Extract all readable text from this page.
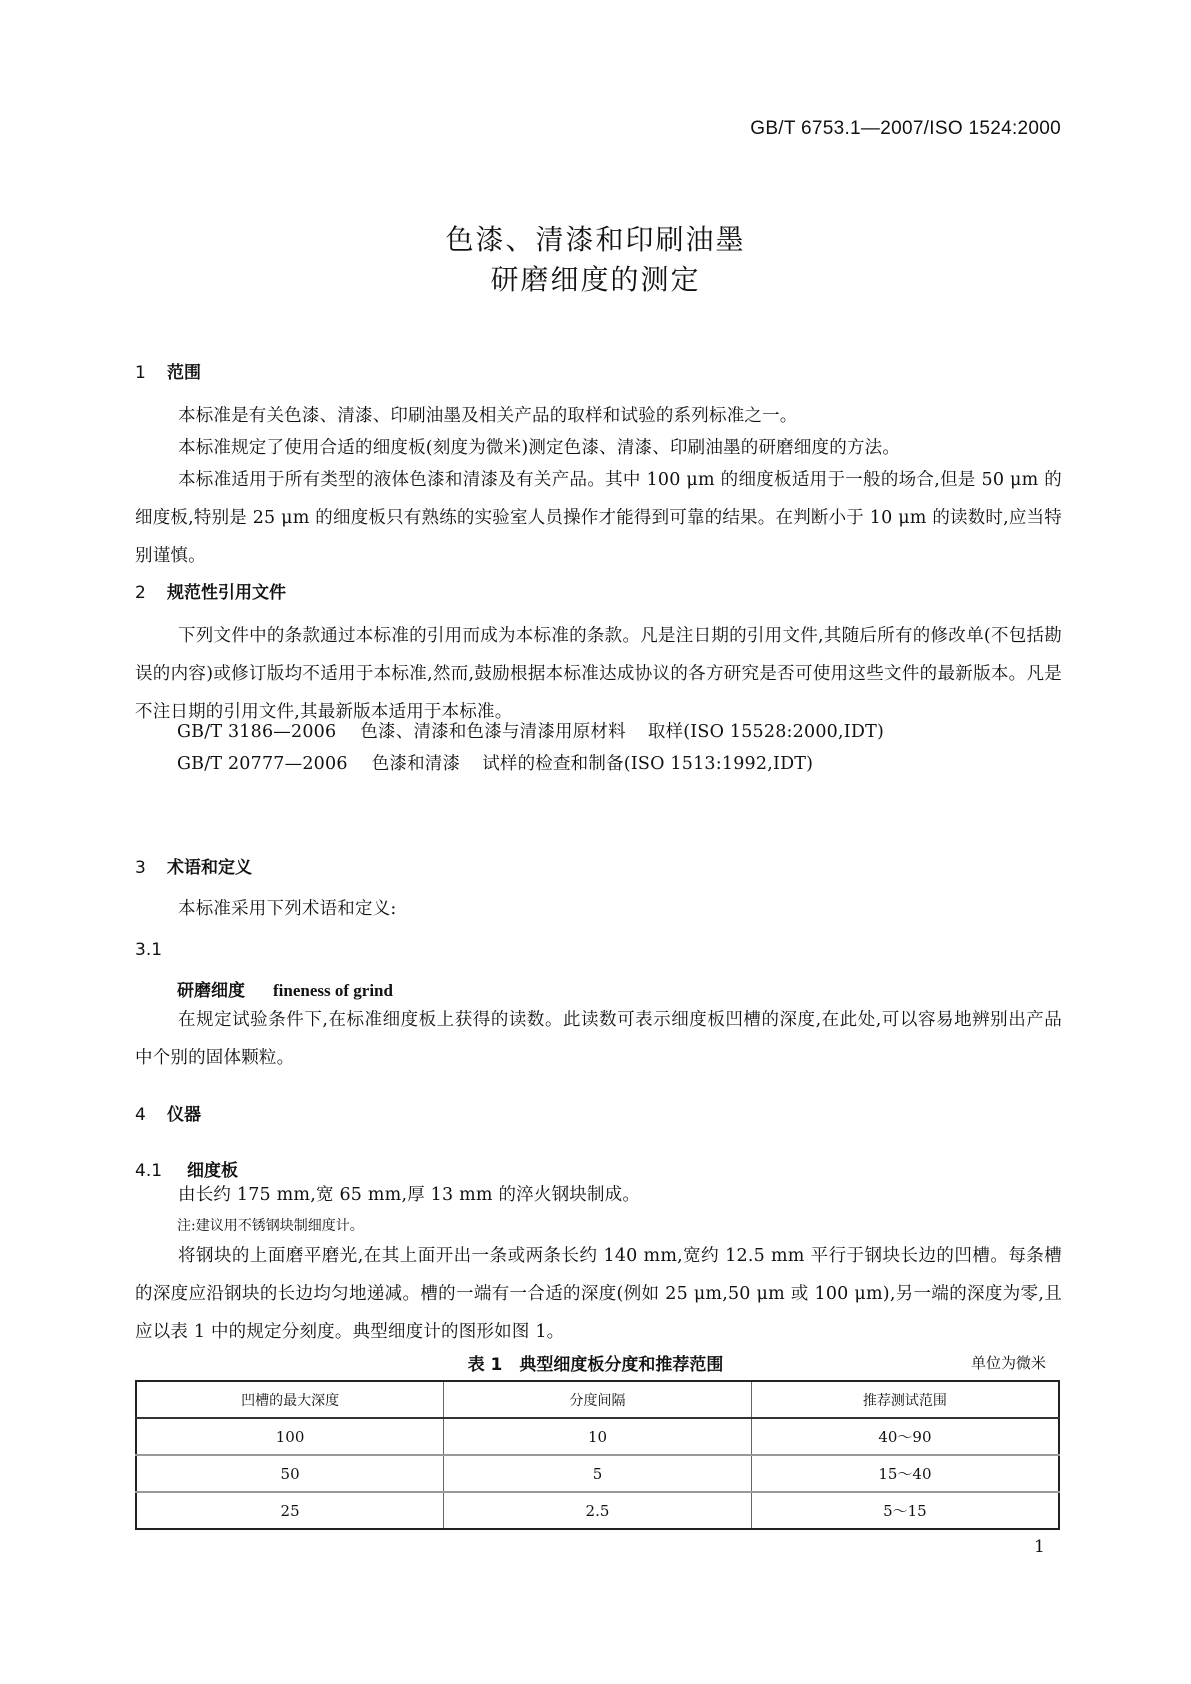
GB/T 6753.1—2007/ISO 1524:2000
色漆、清漆和印刷油墨
研磨细度的测定
1 范围
本标准是有关色漆、清漆、印刷油墨及相关产品的取样和试验的系列标准之一。
本标准规定了使用合适的细度板(刻度为微米)测定色漆、清漆、印刷油墨的研磨细度的方法。
本标准适用于所有类型的液体色漆和清漆及有关产品。其中 100 μm 的细度板适用于一般的场合,但是 50 μm 的细度板,特别是 25 μm 的细度板只有熟练的实验室人员操作才能得到可靠的结果。在判断小于 10 μm 的读数时,应当特别谨慎。
2 规范性引用文件
下列文件中的条款通过本标准的引用而成为本标准的条款。凡是注日期的引用文件,其随后所有的修改单(不包括勘误的内容)或修订版均不适用于本标准,然而,鼓励根据本标准达成协议的各方研究是否可使用这些文件的最新版本。凡是不注日期的引用文件,其最新版本适用于本标准。
GB/T 3186—2006 色漆、清漆和色漆与清漆用原材料 取样(ISO 15528:2000,IDT)
GB/T 20777—2006 色漆和清漆 试样的检查和制备(ISO 1513:1992,IDT)
3 术语和定义
本标准采用下列术语和定义:
3.1
研磨细度 fineness of grind
在规定试验条件下,在标准细度板上获得的读数。此读数可表示细度板凹槽的深度,在此处,可以容易地辨别出产品中个别的固体颗粒。
4 仪器
4.1 细度板
由长约 175 mm,宽 65 mm,厚 13 mm 的淬火钢块制成。
注:建议用不锈钢块制细度计。
将钢块的上面磨平磨光,在其上面开出一条或两条长约 140 mm,宽约 12.5 mm 平行于钢块长边的凹槽。每条槽的深度应沿钢块的长边均匀地递减。槽的一端有一合适的深度(例如 25 μm,50 μm 或 100 μm),另一端的深度为零,且应以表 1 中的规定分刻度。典型细度计的图形如图 1。
表 1　典型细度板分度和推荐范围	单位为微米
凹槽的最大深度	分度间隔	推荐测试范围
100	10	40～90
50	5	15～40
25	2.5	5～15
1
